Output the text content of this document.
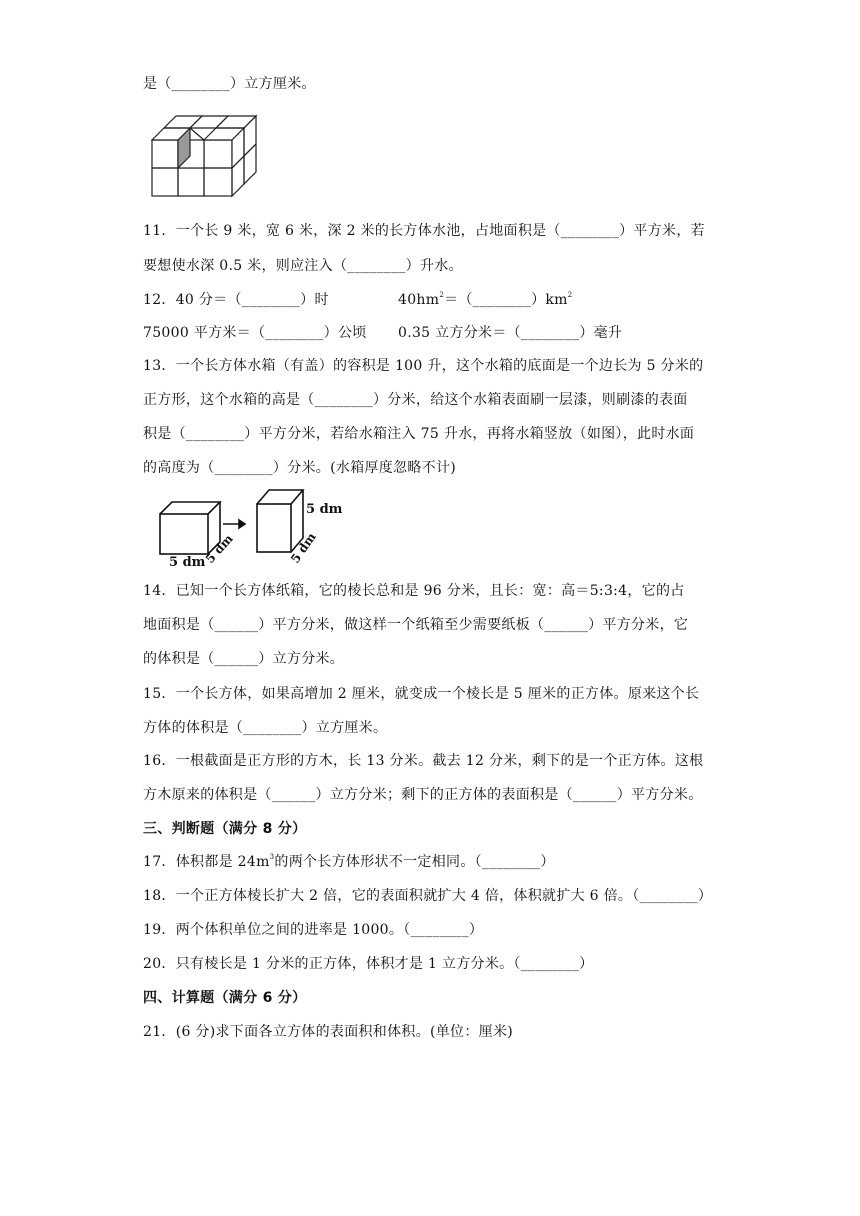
是（________）立方厘米。
11．一个长 9 米，宽 6 米，深 2 米的长方体水池，占地面积是（________）平方米，若
要想使水深 0.5 米，则应注入（________）升水。
12．40 分＝（________）时	$40hm^2=(\_\_\_\_\_\_\_\_)km^2$
75000 平方米＝（________）公顷 0.35 立方分米＝（________）毫升
13．一个长方体水箱（有盖）的容积是 100 升，这个水箱的底面是一个边长为 5 分米的
正方形，这个水箱的高是（________）分米，给这个水箱表面刷一层漆，则刷漆的表面
积是（________）平方分米，若给水箱注入 75 升水，再将水箱竖放（如图），此时水面
的高度为（________）分米。(水箱厚度忽略不计)
5 dm
5 dm
5 dm
5 dm
14．已知一个长方体纸箱，它的棱长总和是 96 分米，且长：宽：高＝5:3:4，它的占
地面积是（______）平方分米，做这样一个纸箱至少需要纸板（______）平方分米，它
的体积是（______）立方分米。
15．一个长方体，如果高增加 2 厘米，就变成一个棱长是 5 厘米的正方体。原来这个长
方体的体积是（________）立方厘米。
16．一根截面是正方形的方木，长 13 分米。截去 12 分米，剩下的是一个正方体。这根
方木原来的体积是（______）立方分米；剩下的正方体的表面积是（______）平方分米。
三、判断题（满分 8 分）
17．体积都是 $24m^3$的两个长方体形状不一定相同。（________）
18．一个正方体棱长扩大 2 倍，它的表面积就扩大 4 倍，体积就扩大 6 倍。（________）
19．两个体积单位之间的进率是 1000。（________）
20．只有棱长是 1 分米的正方体，体积才是 1 立方分米。（________）
四、计算题（满分 6 分）
21．(6 分)求下面各立方体的表面积和体积。(单位：厘米)
